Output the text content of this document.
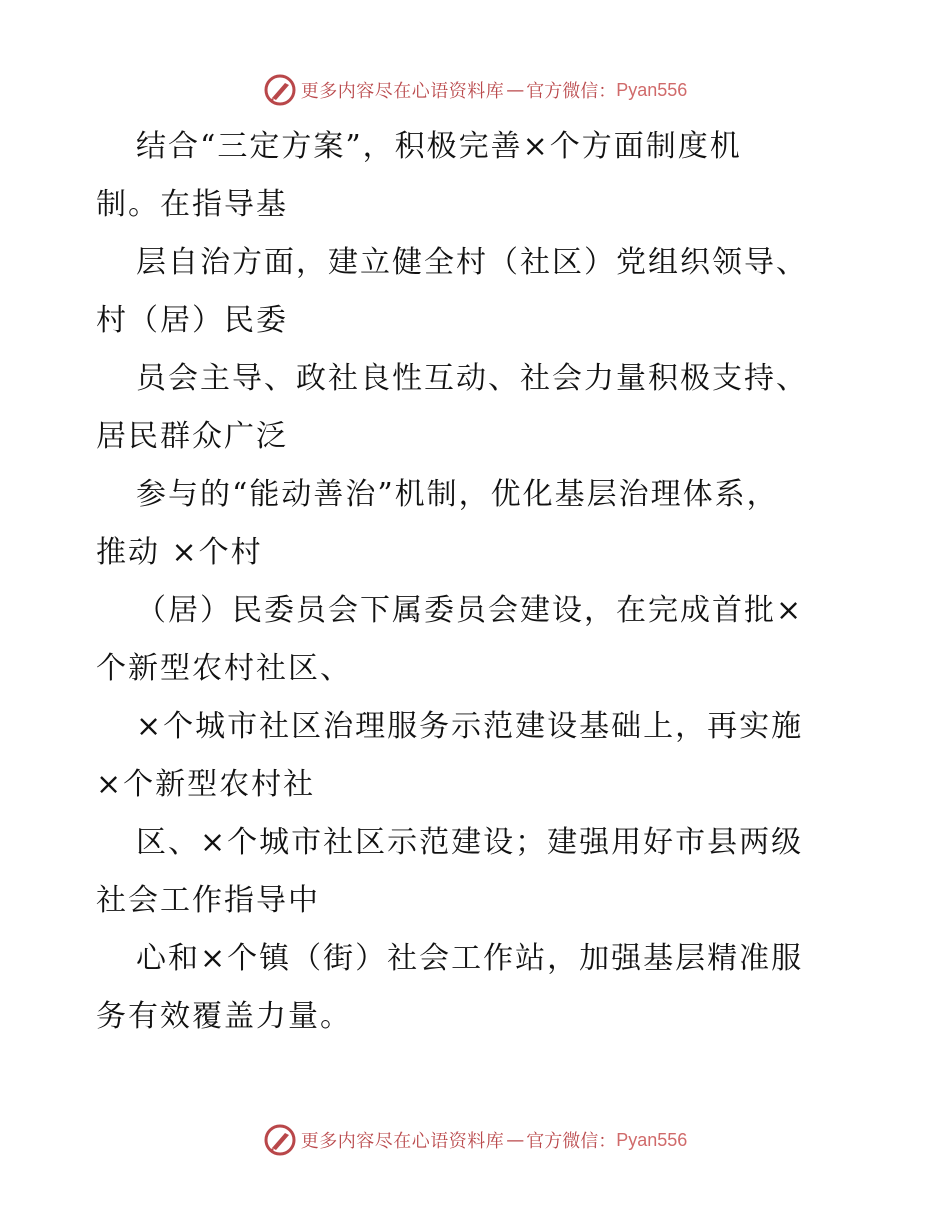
更多内容尽在心语资料库 — 官方微信： Pyan556
结合“三定方案”，积极完善×个方面制度机
制。在指导基
层自治方面，建立健全村（社区）党组织领导、
村（居）民委
员会主导、政社良性互动、社会力量积极支持、
居民群众广泛
参与的“能动善治”机制，优化基层治理体系，
推动 ×个村
（居）民委员会下属委员会建设，在完成首批×
个新型农村社区、
×个城市社区治理服务示范建设基础上，再实施
×个新型农村社
区、×个城市社区示范建设；建强用好市县两级
社会工作指导中
心和×个镇（街）社会工作站，加强基层精准服
务有效覆盖力量。
更多内容尽在心语资料库 — 官方微信： Pyan556
